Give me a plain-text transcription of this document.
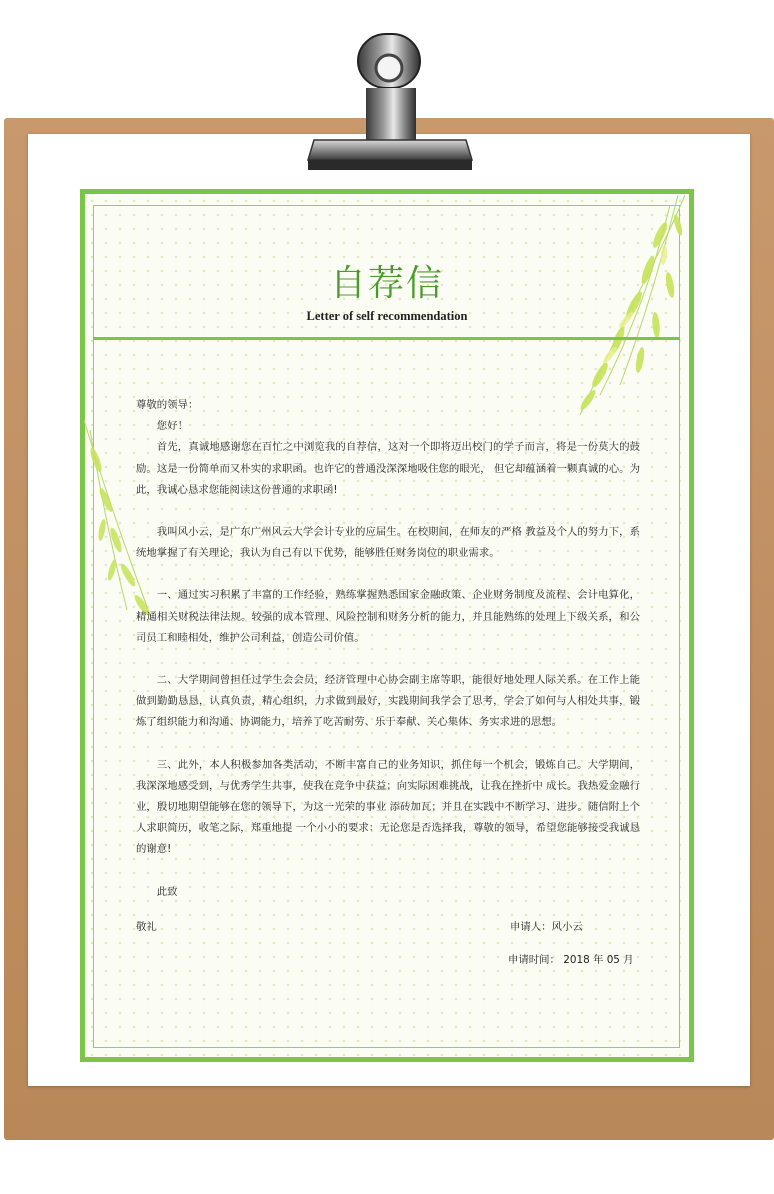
自荐信
Letter of self recommendation

尊敬的领导：

您好！

首先，真诚地感谢您在百忙之中浏览我的自荐信，这对一个即将迈出校门的学子而言，将是一份莫大的鼓励。这是一份简单而又朴实的求职函。也许它的普通没深深地吸住您的眼光， 但它却蕴涵着一颗真诚的心。为此，我诚心恳求您能阅读这份普通的求职函!

我叫风小云，是广东广州风云大学会计专业的应届生。在校期间，在师友的严格 教益及个人的努力下，系统地掌握了有关理论，我认为自己有以下优势，能够胜任财务岗位的职业需求。

一、通过实习积累了丰富的工作经验，熟练掌握熟悉国家金融政策、企业财务制度及流程、会计电算化，精通相关财税法律法规。较强的成本管理、风险控制和财务分析的能力，并且能熟练的处理上下级关系，和公司员工和睦相处，维护公司利益，创造公司价值。

二、大学期间曾担任过学生会会员，经济管理中心协会副主席等职，能很好地处理人际关系。在工作上能做到勤勤恳恳，认真负责，精心组织，力求做到最好，实践期间我学会了思考，学会了如何与人相处共事，锻炼了组织能力和沟通、协调能力，培养了吃苦耐劳、乐于奉献、关心集体、务实求进的思想。

三、此外，本人积极参加各类活动，不断丰富自己的业务知识，抓住每一个机会，锻炼自己。大学期间，我深深地感受到，与优秀学生共事，使我在竞争中获益；向实际困难挑战，让我在挫折中 成长。我热爱金融行业，殷切地期望能够在您的领导下，为这一光荣的事业 添砖加瓦；并且在实践中不断学习、进步。随信附上个人求职简历，收笔之际，郑重地提 一个小小的要求：无论您是否选择我，尊敬的领导，希望您能够接受我诚恳的谢意!

此致

敬礼	申请人：风小云
申请时间： 2018 年 05 月
